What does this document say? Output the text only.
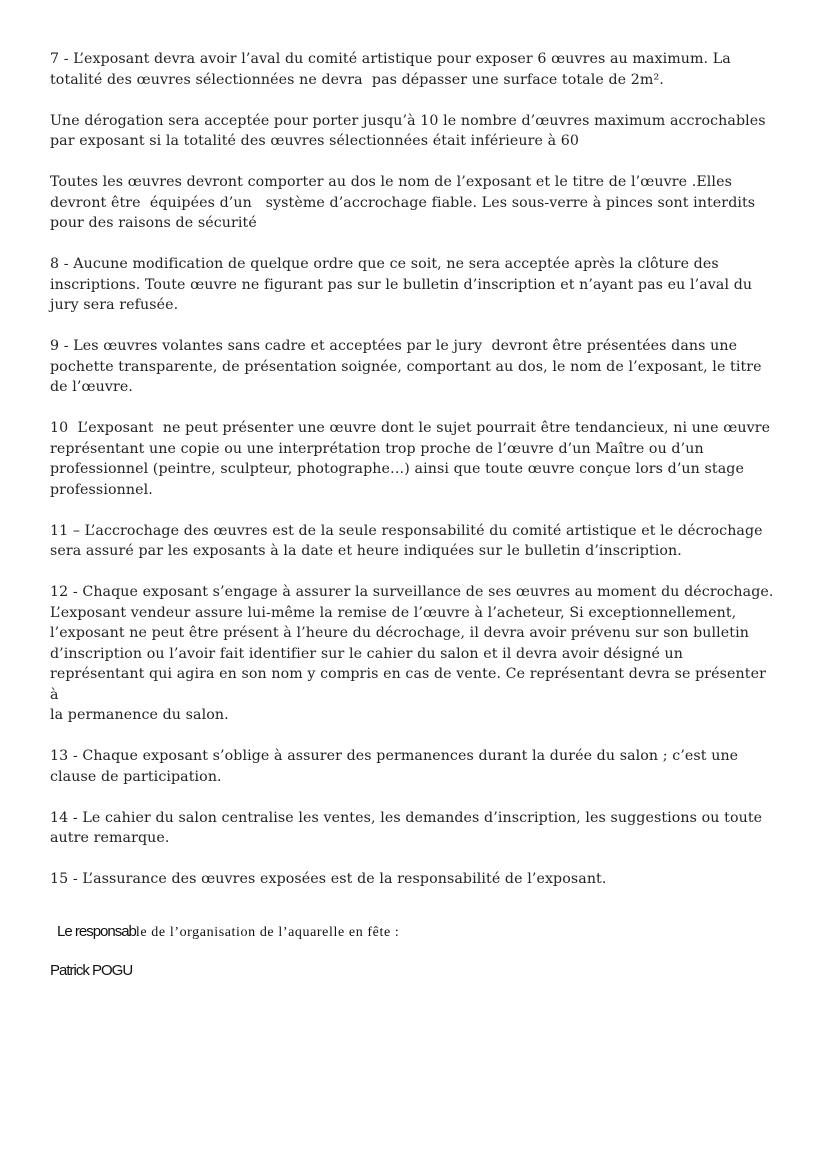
7 - L’exposant devra avoir l’aval du comité artistique pour exposer 6 œuvres au maximum. La
totalité des œuvres sélectionnées ne devra  pas dépasser une surface totale de 2m².

Une dérogation sera acceptée pour porter jusqu’à 10 le nombre d’œuvres maximum accrochables
par exposant si la totalité des œuvres sélectionnées était inférieure à 60

Toutes les œuvres devront comporter au dos le nom de l’exposant et le titre de l’œuvre .Elles
devront être  équipées d’un   système d’accrochage fiable. Les sous-verre à pinces sont interdits
pour des raisons de sécurité

8 - Aucune modification de quelque ordre que ce soit, ne sera acceptée après la clôture des
inscriptions. Toute œuvre ne figurant pas sur le bulletin d’inscription et n’ayant pas eu l’aval du
jury sera refusée.

9 - Les œuvres volantes sans cadre et acceptées par le jury  devront être présentées dans une
pochette transparente, de présentation soignée, comportant au dos, le nom de l’exposant, le titre
de l’œuvre.

10  L’exposant  ne peut présenter une œuvre dont le sujet pourrait être tendancieux, ni une œuvre
représentant une copie ou une interprétation trop proche de l’œuvre d’un Maître ou d’un
professionnel (peintre, sculpteur, photographe…) ainsi que toute œuvre conçue lors d’un stage
professionnel.

11 – L’accrochage des œuvres est de la seule responsabilité du comité artistique et le décrochage
sera assuré par les exposants à la date et heure indiquées sur le bulletin d’inscription.

12 - Chaque exposant s’engage à assurer la surveillance de ses œuvres au moment du décrochage.
L’exposant vendeur assure lui-même la remise de l’œuvre à l’acheteur, Si exceptionnellement,
l’exposant ne peut être présent à l’heure du décrochage, il devra avoir prévenu sur son bulletin
d’inscription ou l’avoir fait identifier sur le cahier du salon et il devra avoir désigné un
représentant qui agira en son nom y compris en cas de vente. Ce représentant devra se présenter à
la permanence du salon.

13 - Chaque exposant s’oblige à assurer des permanences durant la durée du salon ; c’est une
clause de participation.

14 - Le cahier du salon centralise les ventes, les demandes d’inscription, les suggestions ou toute
autre remarque.

15 - L’assurance des œuvres exposées est de la responsabilité de l’exposant.

Le responsable de l’organisation de l’aquarelle en fête :
Patrick POGU
